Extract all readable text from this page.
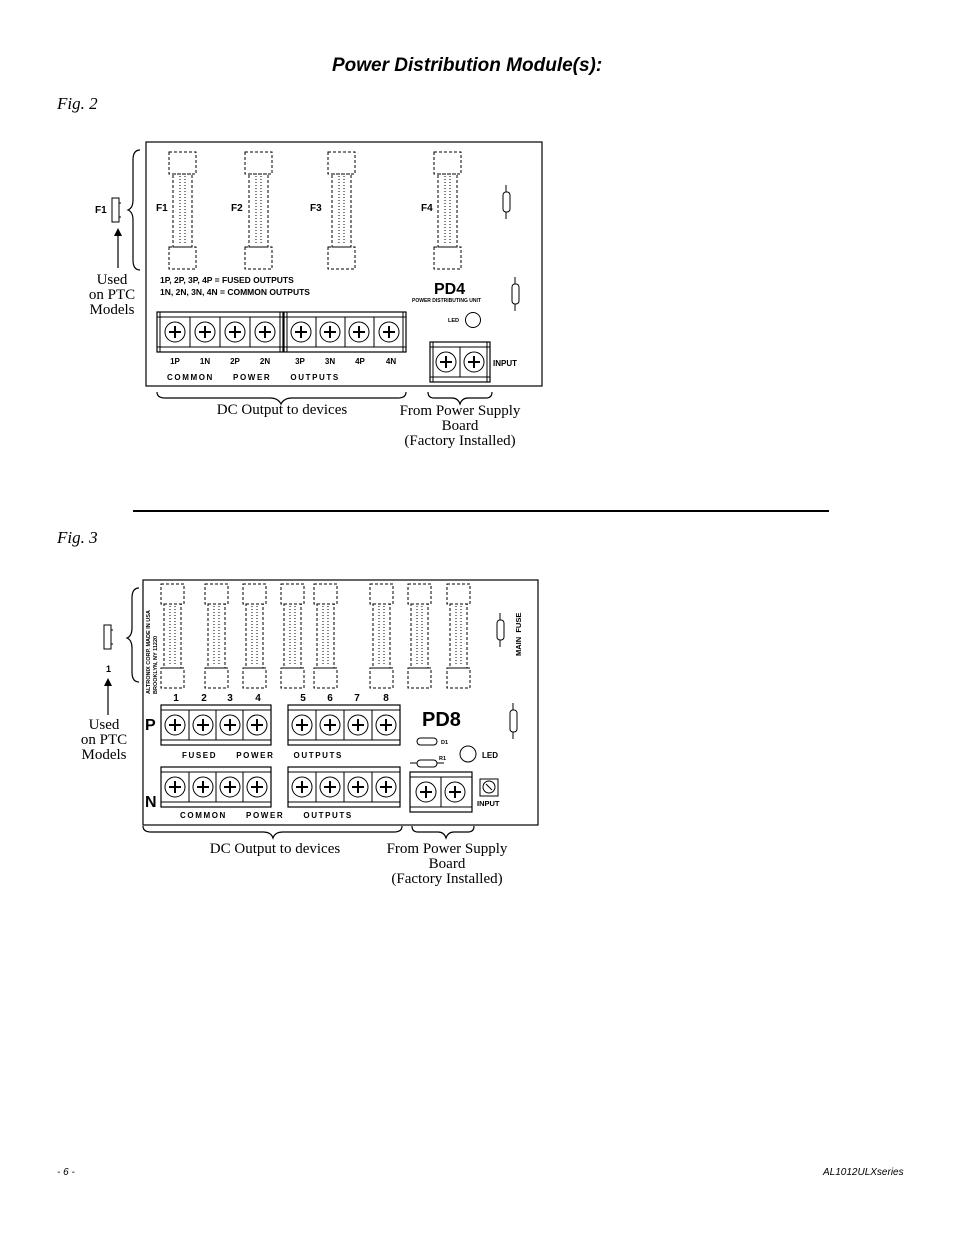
Power Distribution Module(s):
Fig. 2
F1	F1	F2	F3	F4
1P, 2P, 3P, 4P = FUSED OUTPUTS
1N, 2N, 3N, 4N = COMMON OUTPUTS	PD4
POWER DISTRIBUTING UNIT
LED
1P 1N 2P 2N	3P 3N 4P	4N
COMMON     POWER     OUTPUTS
INPUT
Used
on PTC
Models
DC Output to devices	From Power Supply
Board
(Factory Installed)
Fig. 3
1	ALTRONIX CORP. MADE IN USA BROOKLYN, NY 11220
MAIN  FUSE
1 2 3 4	5 6 7 8
P
N
PD8
D1
R1	LED
FUSED     POWER     OUTPUTS
COMMON     POWER     OUTPUTS
INPUT
Used
on PTC
Models
DC Output to devices	From Power Supply
Board
(Factory Installed)
- 6 -	AL1012ULXseries
